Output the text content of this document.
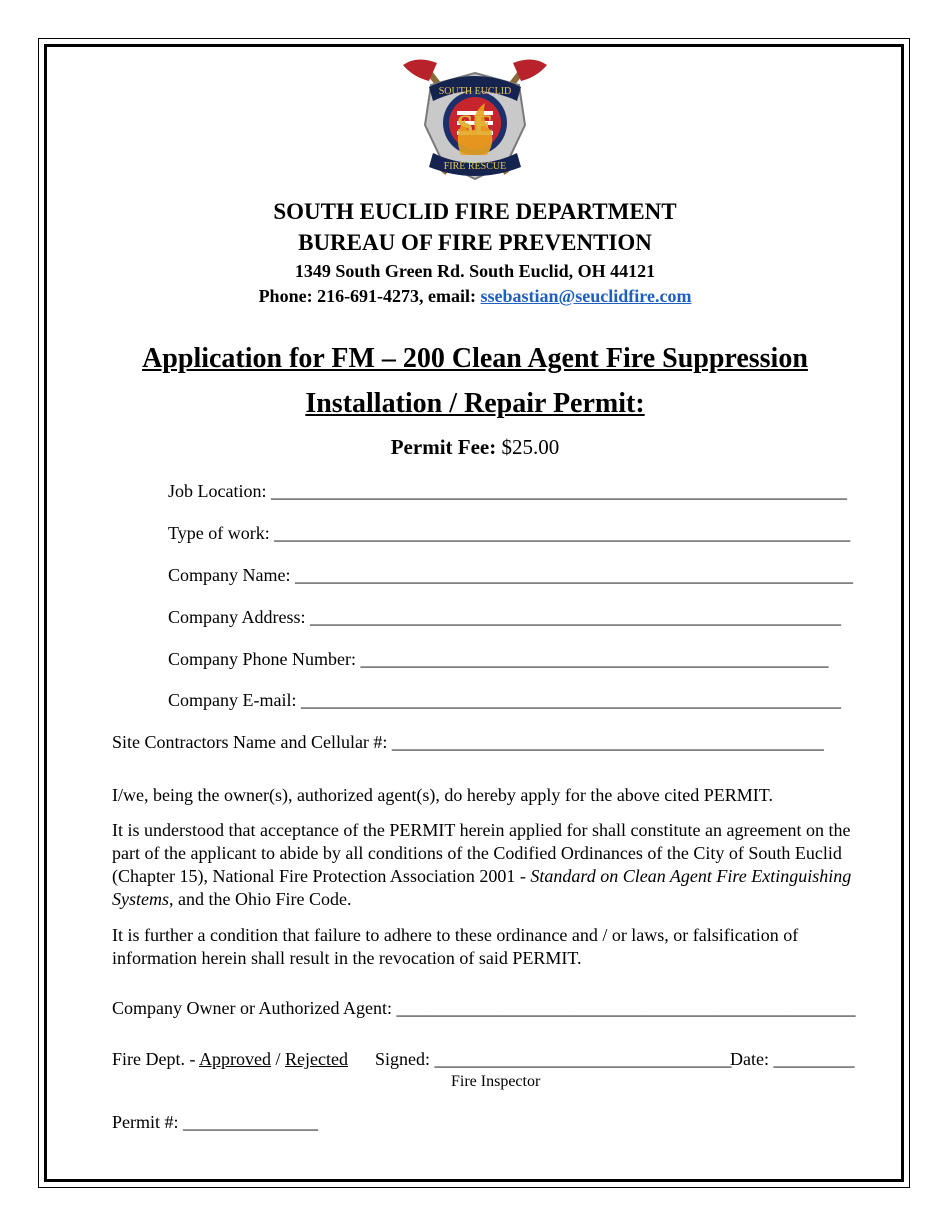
SE
SOUTH EUCLID
FIRE RESCUE
SOUTH EUCLID FIRE DEPARTMENT
BUREAU OF FIRE PREVENTION
1349 South Green Rd. South Euclid, OH 44121
Phone: 216-691-4273, email: ssebastian@seuclidfire.com
Application for FM – 200 Clean Agent Fire Suppression
Installation / Repair Permit:
Permit Fee: $25.00
Job Location: ________________________________________________________________
Type of work: ________________________________________________________________
Company Name: ______________________________________________________________
Company Address: ___________________________________________________________
Company Phone Number: ____________________________________________________
Company E-mail: ____________________________________________________________
Site Contractors Name and Cellular #: ________________________________________________
I/we, being the owner(s), authorized agent(s), do hereby apply for the above cited PERMIT.
It is understood that acceptance of the PERMIT herein applied for shall constitute an agreement on the part of the applicant to abide by all conditions of the Codified Ordinances of the City of South Euclid (Chapter 15), National Fire Protection Association 2001 - Standard on Clean Agent Fire Extinguishing Systems, and the Ohio Fire Code.
It is further a condition that failure to adhere to these ordinance and / or laws, or falsification of information herein shall result in the revocation of said PERMIT.
Company Owner or Authorized Agent: ___________________________________________________
Fire Dept. - Approved / Rejected Signed: _________________________________
Date: _________
Fire Inspector
Permit #: _______________
